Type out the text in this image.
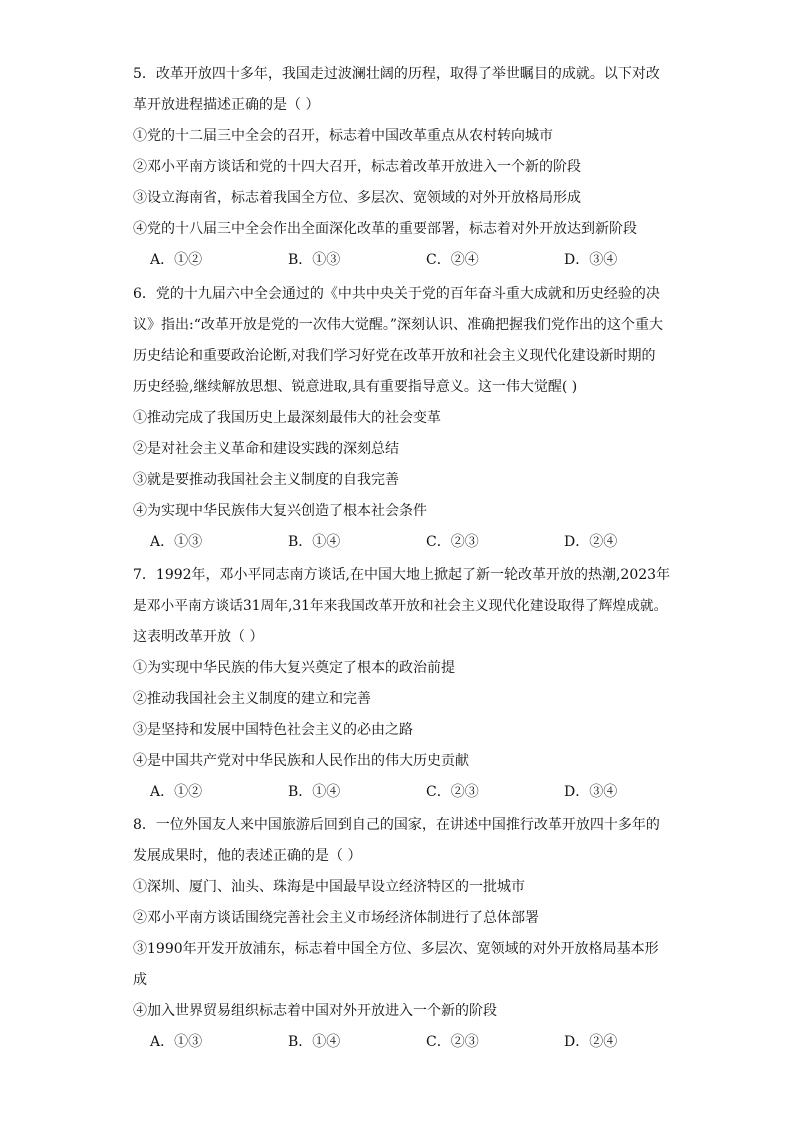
5．改革开放四十多年，我国走过波澜壮阔的历程，取得了举世瞩目的成就。以下对改
革开放进程描述正确的是（ ）
①党的十二届三中全会的召开，标志着中国改革重点从农村转向城市
②邓小平南方谈话和党的十四大召开，标志着改革开放进入一个新的阶段
③设立海南省，标志着我国全方位、多层次、宽领域的对外开放格局形成
④党的十八届三中全会作出全面深化改革的重要部署，标志着对外开放达到新阶段
A．①②	B．①③	C．②④	D．③④
6．党的十九届六中全会通过的《中共中央关于党的百年奋斗重大成就和历史经验的决
议》指出:“改革开放是党的一次伟大觉醒。”深刻认识、准确把握我们党作出的这个重大
历史结论和重要政治论断,对我们学习好党在改革开放和社会主义现代化建设新时期的
历史经验,继续解放思想、锐意进取,具有重要指导意义。这一伟大觉醒( )
①推动完成了我国历史上最深刻最伟大的社会变革
②是对社会主义革命和建设实践的深刻总结
③就是要推动我国社会主义制度的自我完善
④为实现中华民族伟大复兴创造了根本社会条件
A．①③	B．①④	C．②③	D．②④
7．1992年，邓小平同志南方谈话,在中国大地上掀起了新一轮改革开放的热潮,2023年
是邓小平南方谈话31周年,31年来我国改革开放和社会主义现代化建设取得了辉煌成就。
这表明改革开放（ ）
①为实现中华民族的伟大复兴奠定了根本的政治前提
②推动我国社会主义制度的建立和完善
③是坚持和发展中国特色社会主义的必由之路
④是中国共产党对中华民族和人民作出的伟大历史贡献
A．①②	B．①④	C．②③	D．③④
8．一位外国友人来中国旅游后回到自己的国家，在讲述中国推行改革开放四十多年的
发展成果时，他的表述正确的是（ ）
①深圳、厦门、汕头、珠海是中国最早设立经济特区的一批城市
②邓小平南方谈话围绕完善社会主义市场经济体制进行了总体部署
③1990年开发开放浦东，标志着中国全方位、多层次、宽领域的对外开放格局基本形
成
④加入世界贸易组织标志着中国对外开放进入一个新的阶段
A．①③	B．①④	C．②③	D．②④
